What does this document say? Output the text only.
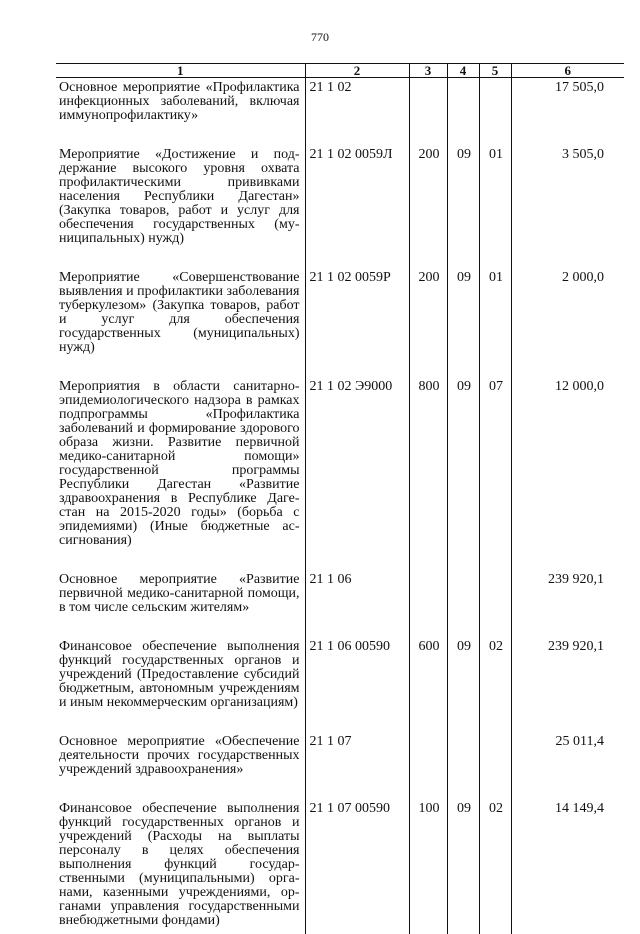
770
1	2	3	4	5	6
Основное мероприятие «Профилактика инфекционных заболеваний, включая иммунопрофилактику»	21 1 02				17 505,0
Мероприятие «Достижение и поддержание высокого уровня охвата профилактическими прививками населения Республики Дагестан» (Закупка товаров, работ и услуг для обеспечения государственных (муниципальных) нужд)	21 1 02 0059Л	200	09	01	3 505,0
Мероприятие «Совершенствование выявления и профилактики заболевания туберкулезом» (Закупка товаров, работ и услуг для обеспечения государственных (муниципальных) нужд)	21 1 02 0059Р	200	09	01	2 000,0
Мероприятия в области санитарно-эпидемиологического надзора в рамках подпрограммы «Профилактика заболеваний и формирование здорового образа жизни. Развитие первичной медико-санитарной помощи» государственной программы Республики Дагестан «Развитие здравоохранения в Республике Дагестан на 2015-2020 годы» (борьба с эпидемиями) (Иные бюджетные ассигнования)	21 1 02 Э9000	800	09	07	12 000,0
Основное мероприятие «Развитие первичной медико-санитарной помощи, в том числе сельским жителям»	21 1 06				239 920,1
Финансовое обеспечение выполнения функций государственных органов и учреждений (Предоставление субсидий бюджетным, автономным учреждениям и иным некоммерческим организациям)	21 1 06 00590	600	09	02	239 920,1
Основное мероприятие «Обеспечение деятельности прочих государственных учреждений здравоохранения»	21 1 07				25 011,4
Финансовое обеспечение выполнения функций государственных органов и учреждений (Расходы на выплаты персоналу в целях обеспечения выполнения функций государственными (муниципальными) органами, казенными учреждениями, органами управления государственными внебюджетными фондами)	21 1 07 00590	100	09	02	14 149,4
